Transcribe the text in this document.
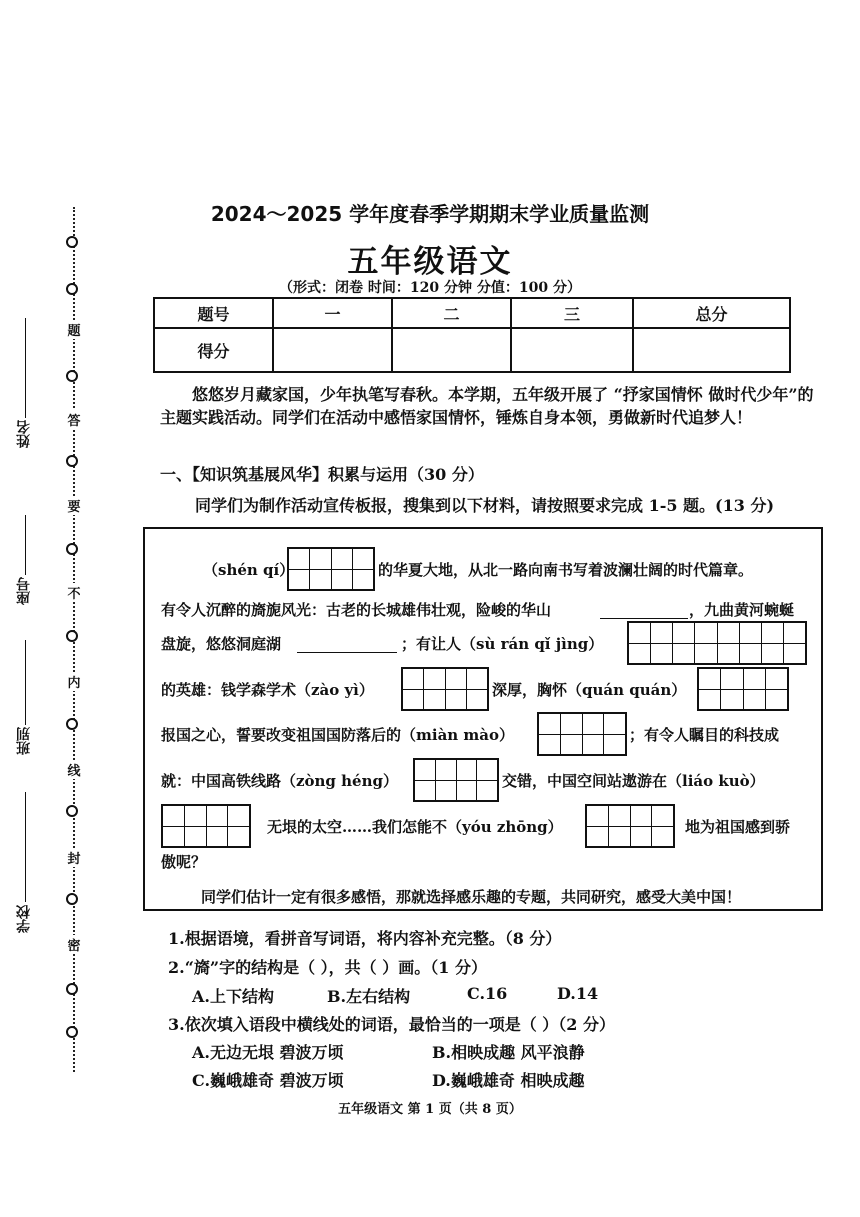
题
答
要
不
内
线
封
密
姓名
座号
班别
学校
2024～2025 学年度春季学期期末学业质量监测
五年级语文
（形式：闭卷 时间：120 分钟 分值：100 分）
题号	一	二	三	总分
得分				
悠悠岁月藏家国，少年执笔写春秋。本学期，五年级开展了 “抒家国情怀 做时代少年”的主题实践活动。同学们在活动中感悟家国情怀，锤炼自身本领，勇做新时代追梦人！
一、【知识筑基展风华】积累与运用（30 分）
同学们为制作活动宣传板报，搜集到以下材料，请按照要求完成 1-5 题。(13 分)
（shén qí）	的华夏大地，从北一路向南书写着波澜壮阔的时代篇章。
有令人沉醉的旖旎风光：古老的长城雄伟壮观，险峻的华山	，九曲黄河蜿蜒
盘旋，悠悠洞庭湖	；有让人（sù rán qǐ jìng）
的英雄：钱学森学术（zào yì）	深厚，胸怀（quán quán）
报国之心，誓要改变祖国国防落后的（miàn mào）	；有令人瞩目的科技成
就：中国高铁线路（zòng héng）	交错，中国空间站遨游在（liáo kuò）
无垠的太空……我们怎能不（yóu zhōng）	地为祖国感到骄
傲呢？
同学们估计一定有很多感悟，那就选择感乐趣的专题，共同研究，感受大美中国！
1.根据语境，看拼音写词语，将内容补充完整。（8 分）
2.“旖”字的结构是（ ），共（ ）画。（1 分）
A.上下结构	B.左右结构	C.16	D.14
3.依次填入语段中横线处的词语，最恰当的一项是（ ）（2 分）
A.无边无垠 碧波万顷	B.相映成趣 风平浪静
C.巍峨雄奇 碧波万顷	D.巍峨雄奇 相映成趣
五年级语文 第 1 页（共 8 页）
